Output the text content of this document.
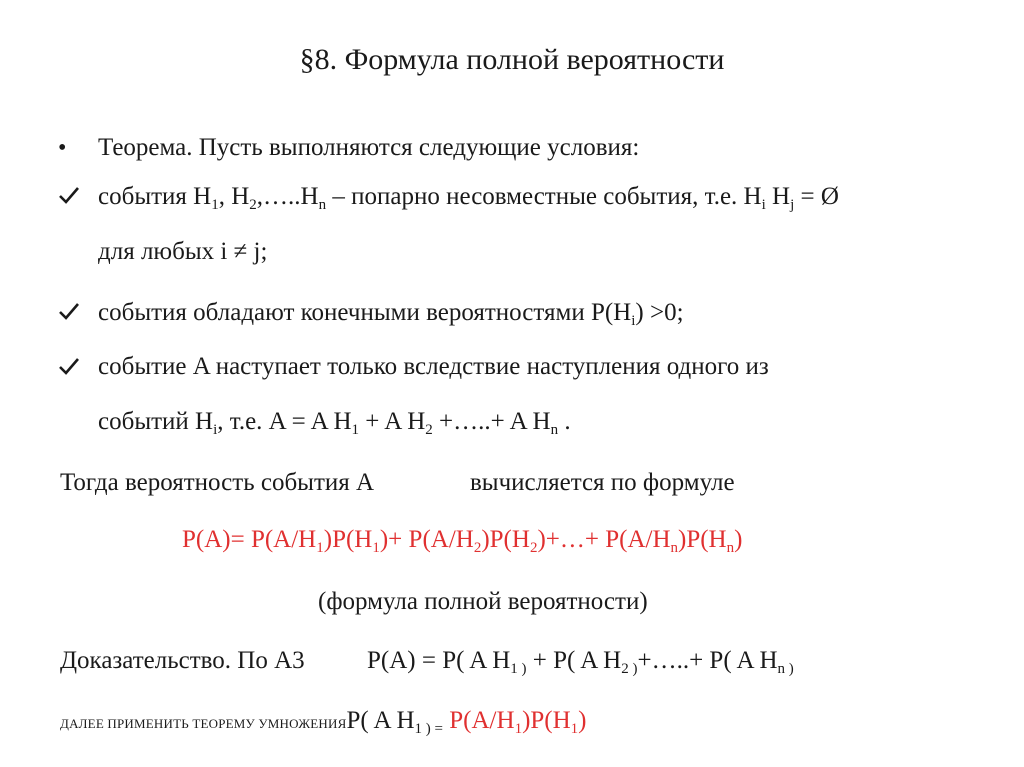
§8. Формула полной вероятности
• Теорема. Пусть выполняются следующие условия:
события $H_1$, $H_2,\dots..H_n$ – попарно несовместные события, т.е. $H_i$ $H_j$ = Ø
для любых i ≠ j;
события обладают конечными вероятностями $P(H_i) >0$;
событие A наступает только вследствие наступления одного из
событий $H_i$, т.е. A = A $H_1 + A$ $H_2$ +…..+ A $H_n$ .
Тогда вероятность события A	вычисляется по формуле
$P(A)= P(A/H_1)P(H_1)+$ $P(A/H_2)P(H_2)+\dots+ P(A/H_n)P(H_n)$
(формула полной вероятности)
Доказательство. По A3 P(A) = P( A $H_{1 )} + P$( A $H_{2 )}+\dots..+ P$( A $H_{n )}$
ДАЛЕЕ ПРИМЕНИТЬ ТЕОРЕМУ УМНОЖЕНИЯP( A $H_{1 ) =}$ $P(A/H_1)P(H_1)$
